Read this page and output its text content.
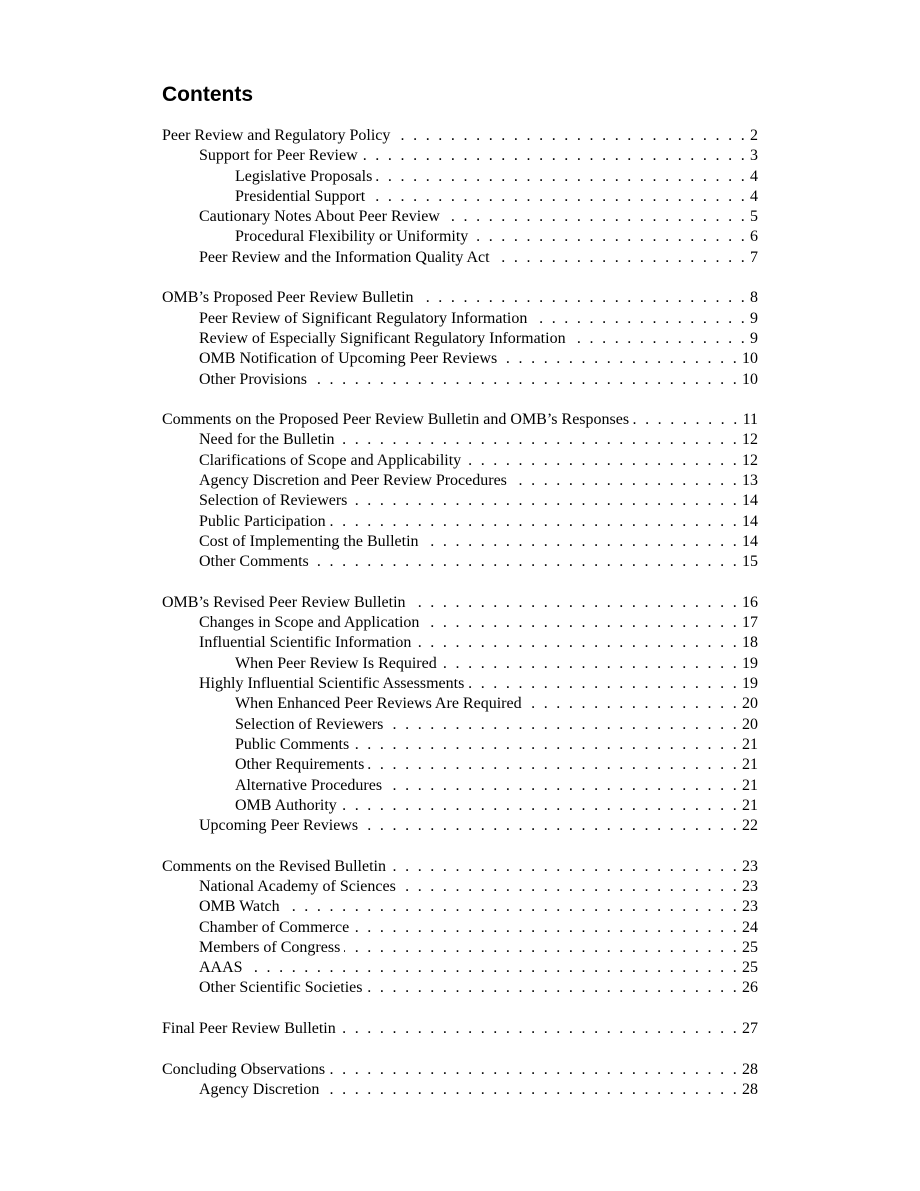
Contents
Peer Review and Regulatory Policy . . .	2
Support for Peer Review . . .	3
Legislative Proposals . . .	4
Presidential Support . . .	4
Cautionary Notes About Peer Review . . .	5
Procedural Flexibility or Uniformity . . .	6
Peer Review and the Information Quality Act . . .	7
OMB’s Proposed Peer Review Bulletin . . .	8
Peer Review of Significant Regulatory Information . . .	9
Review of Especially Significant Regulatory Information . . .	9
OMB Notification of Upcoming Peer Reviews . . .	10
Other Provisions . . .	10
Comments on the Proposed Peer Review Bulletin and OMB’s Responses . . .	11
Need for the Bulletin . . .	12
Clarifications of Scope and Applicability . . .	12
Agency Discretion and Peer Review Procedures . . .	13
Selection of Reviewers . . .	14
Public Participation . . .	14
Cost of Implementing the Bulletin . . .	14
Other Comments . . .	15
OMB’s Revised Peer Review Bulletin . . .	16
Changes in Scope and Application . . .	17
Influential Scientific Information . . .	18
When Peer Review Is Required . . .	19
Highly Influential Scientific Assessments . . .	19
When Enhanced Peer Reviews Are Required . . .	20
Selection of Reviewers . . .	20
Public Comments . . .	21
Other Requirements . . .	21
Alternative Procedures . . .	21
OMB Authority . . .	21
Upcoming Peer Reviews . . .	22
Comments on the Revised Bulletin . . .	23
National Academy of Sciences . . .	23
OMB Watch . . .	23
Chamber of Commerce . . .	24
Members of Congress . . .	25
AAAS . . .	25
Other Scientific Societies . . .	26
Final Peer Review Bulletin . . .	27
Concluding Observations . . .	28
Agency Discretion . . .	28
